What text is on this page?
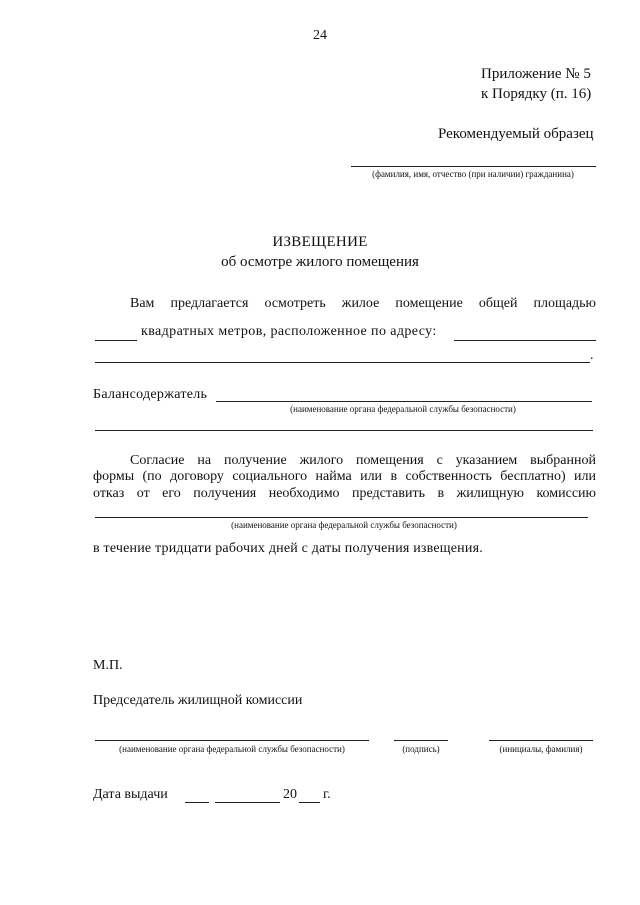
24
Приложение № 5
к Порядку (п. 16)
Рекомендуемый образец
(фамилия, имя, отчество (при наличии) гражданина)
ИЗВЕЩЕНИЕ
об осмотре жилого помещения
Вам предлагается осмотреть жилое помещение общей площадью
квадратных метров, расположенное по адресу:
.
Балансодержатель
(наименование органа федеральной службы безопасности)
Согласие на получение жилого помещения с указанием выбранной
формы (по договору социального найма или в собственность бесплатно) или
отказ от его получения необходимо представить в жилищную комиссию
(наименование органа федеральной службы безопасности)
в течение тридцати рабочих дней с даты получения извещения.
М.П.
Председатель жилищной комиссии
(наименование органа федеральной службы безопасности)	(подпись)	(инициалы, фамилия)
Дата выдачи	20 г.
